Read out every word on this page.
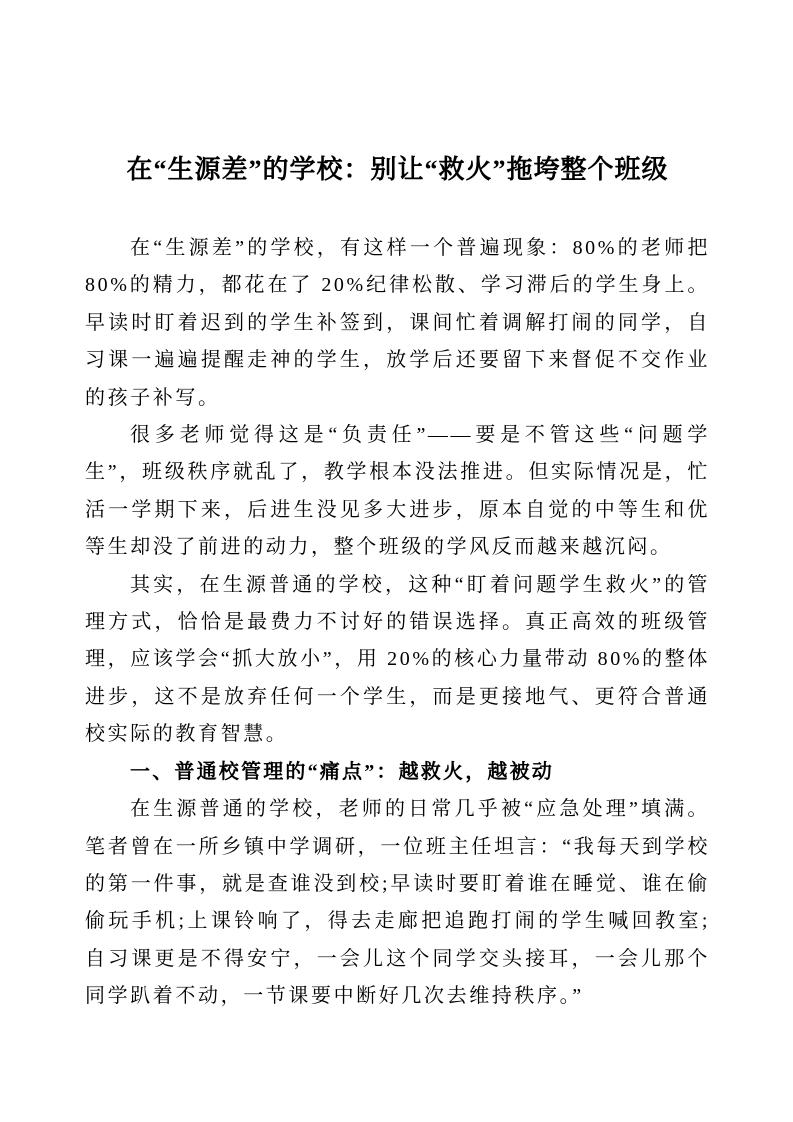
在“生源差”的学校：别让“救火”拖垮整个班级

在“生源差”的学校，有这样一个普遍现象：80%的老师把 80%的精力，都花在了 20%纪律松散、学习滞后的学生身上。早读时盯着迟到的学生补签到，课间忙着调解打闹的同学，自习课一遍遍提醒走神的学生，放学后还要留下来督促不交作业的孩子补写。

很多老师觉得这是“负责任”——要是不管这些“问题学生”，班级秩序就乱了，教学根本没法推进。但实际情况是，忙活一学期下来，后进生没见多大进步，原本自觉的中等生和优等生却没了前进的动力，整个班级的学风反而越来越沉闷。

其实，在生源普通的学校，这种“盯着问题学生救火”的管理方式，恰恰是最费力不讨好的错误选择。真正高效的班级管理，应该学会“抓大放小”，用 20%的核心力量带动 80%的整体进步，这不是放弃任何一个学生，而是更接地气、更符合普通校实际的教育智慧。

一、普通校管理的“痛点”：越救火，越被动

在生源普通的学校，老师的日常几乎被“应急处理”填满。笔者曾在一所乡镇中学调研，一位班主任坦言：“我每天到学校的第一件事，就是查谁没到校;早读时要盯着谁在睡觉、谁在偷偷玩手机;上课铃响了，得去走廊把追跑打闹的学生喊回教室;自习课更是不得安宁，一会儿这个同学交头接耳，一会儿那个同学趴着不动，一节课要中断好几次去维持秩序。”
